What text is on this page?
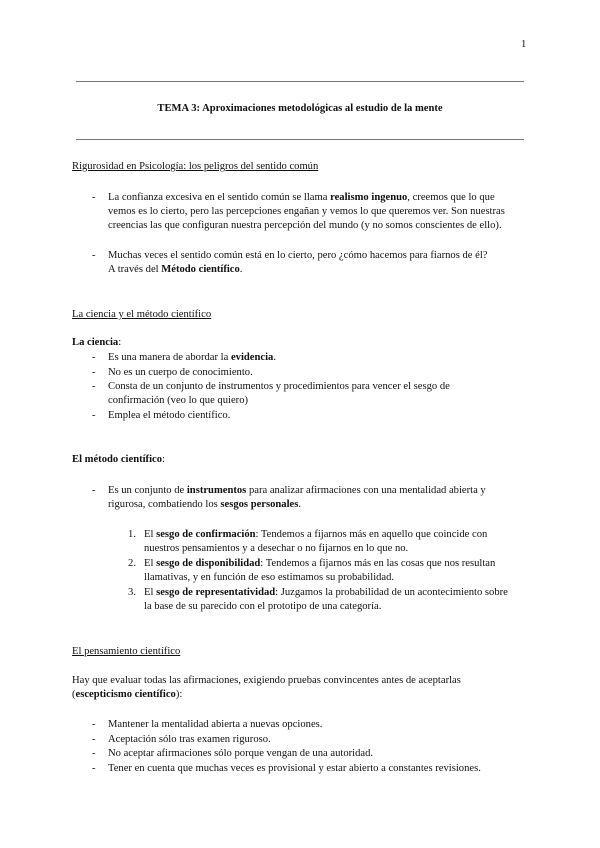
1
TEMA 3: Aproximaciones metodológicas al estudio de la mente
Rigurosidad en Psicología: los peligros del sentido común
-	La confianza excesiva en el sentido común se llama realismo ingenuo, creemos que lo que
vemos es lo cierto, pero las percepciones engañan y vemos lo que queremos ver. Son nuestras
creencias las que configuran nuestra percepción del mundo (y no somos conscientes de ello).
-	Muchas veces el sentido común está en lo cierto, pero ¿cómo hacemos para fiarnos de él?
A través del Método científico.
La ciencia y el método científico
La ciencia:
-	Es una manera de abordar la evidencia.
-	No es un cuerpo de conocimiento.
-	Consta de un conjunto de instrumentos y procedimientos para vencer el sesgo de
confirmación (veo lo que quiero)
-	Emplea el método científico.
El método científico:
-	Es un conjunto de instrumentos para analizar afirmaciones con una mentalidad abierta y
rigurosa, combatiendo los sesgos personales.
1. El sesgo de confirmación: Tendemos a fijarnos más en aquello que coincide con
nuestros pensamientos y a desechar o no fijarnos en lo que no.
2. El sesgo de disponibilidad: Tendemos a fijarnos más en las cosas que nos resultan
llamativas, y en función de eso estimamos su probabilidad.
3. El sesgo de representatividad: Juzgamos la probabilidad de un acontecimiento sobre
la base de su parecido con el prototipo de una categoría.
El pensamiento científico
Hay que evaluar todas las afirmaciones, exigiendo pruebas convincentes antes de aceptarlas
(escepticismo científico):
-	Mantener la mentalidad abierta a nuevas opciones.
-	Aceptación sólo tras examen riguroso.
-	No aceptar afirmaciones sólo porque vengan de una autoridad.
-	Tener en cuenta que muchas veces es provisional y estar abierto a constantes revisiones.
